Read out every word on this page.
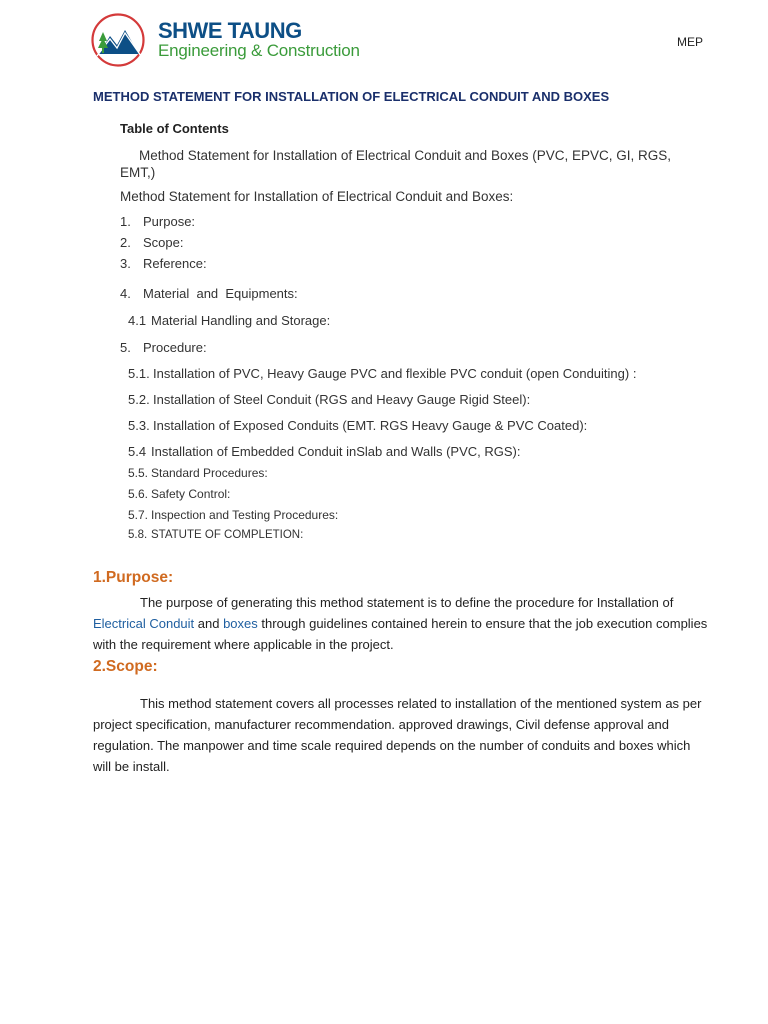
SHWE TAUNG
Engineering & Construction	MEP
METHOD STATEMENT FOR INSTALLATION OF ELECTRICAL CONDUIT AND BOXES
Table of Contents
Method Statement for Installation of Electrical Conduit and Boxes (PVC, EPVC, GI, RGS, EMT,)
Method Statement for Installation of Electrical Conduit and Boxes:
1. Purpose:
2. Scope:
3. Reference:
4. Material  and  Equipments:
4.1 Material Handling and Storage:
5. Procedure:
5.1. Installation of PVC, Heavy Gauge PVC and flexible PVC conduit (open Conduiting) :
5.2. Installation of Steel Conduit (RGS and Heavy Gauge Rigid Steel):
5.3. Installation of Exposed Conduits (EMT. RGS Heavy Gauge & PVC Coated):
5.4 Installation of Embedded Conduit inSlab and Walls (PVC, RGS):
5.5. Standard Procedures:
5.6. Safety Control:
5.7. Inspection and Testing Procedures:
5.8. STATUTE OF COMPLETION:
1.Purpose:
The purpose of generating this method statement is to define the procedure for Installation of Electrical Conduit and boxes through guidelines contained herein to ensure that the job execution complies with the requirement where applicable in the project.
2.Scope:
This method statement covers all processes related to installation of the mentioned system as per project specification, manufacturer recommendation. approved drawings, Civil defense approval and regulation. The manpower and time scale required depends on the number of conduits and boxes which will be install.
